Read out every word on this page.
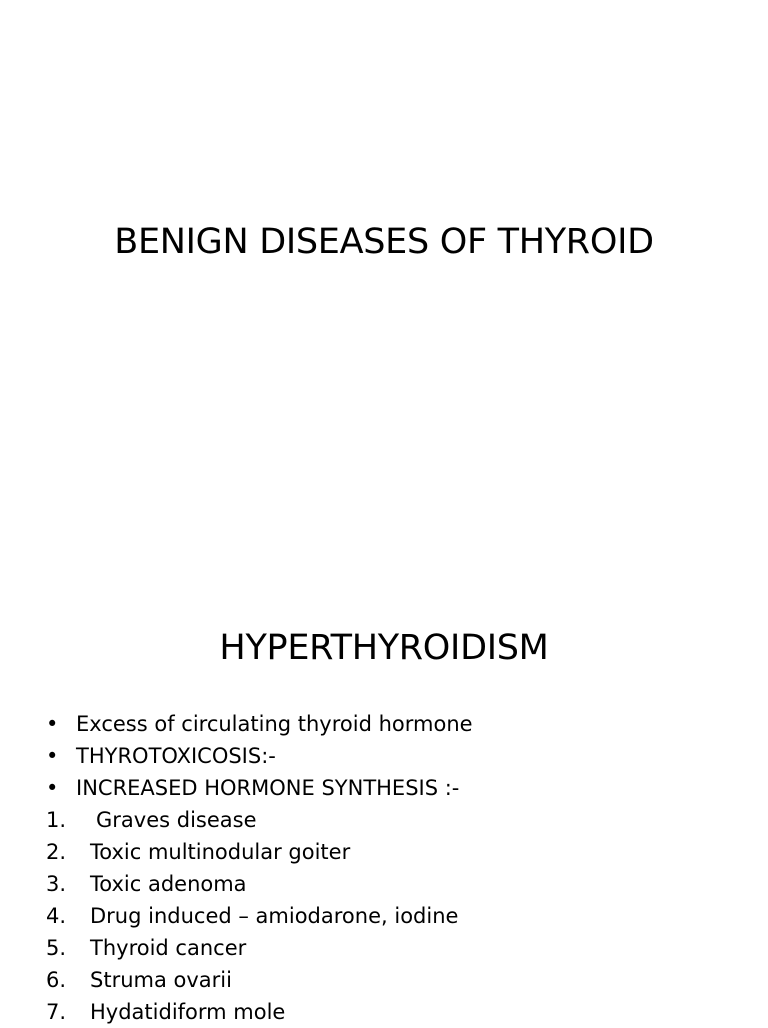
BENIGN DISEASES OF THYROID
HYPERTHYROIDISM
• Excess of circulating thyroid hormone
• THYROTOXICOSIS:-
• INCREASED HORMONE SYNTHESIS :-
1. Graves disease
2. Toxic multinodular goiter
3. Toxic adenoma
4. Drug induced – amiodarone, iodine
5. Thyroid cancer
6. Struma ovarii
7. Hydatidiform mole
